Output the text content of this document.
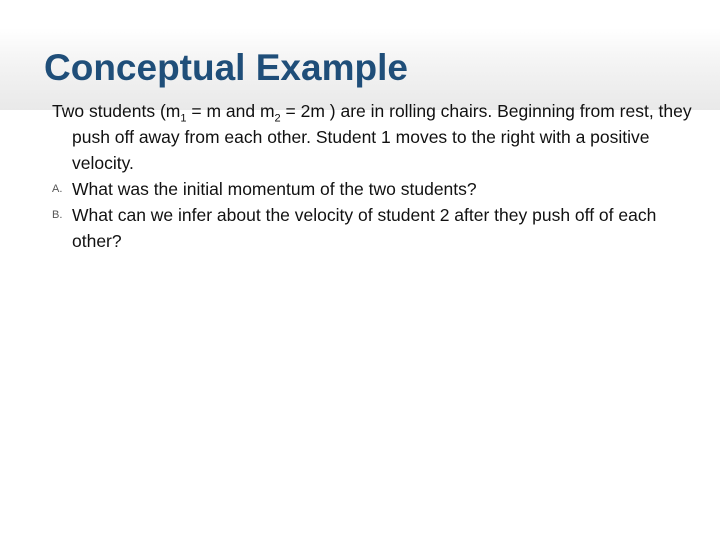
Conceptual Example

Two students ($m_1 = m$ and $m_2 = 2m$ ) are in rolling chairs. Beginning from rest, they push off away from each other. Student 1 moves to the right with a positive velocity.

A. What was the initial momentum of the two students?

B. What can we infer about the velocity of student 2 after they push off of each other?
